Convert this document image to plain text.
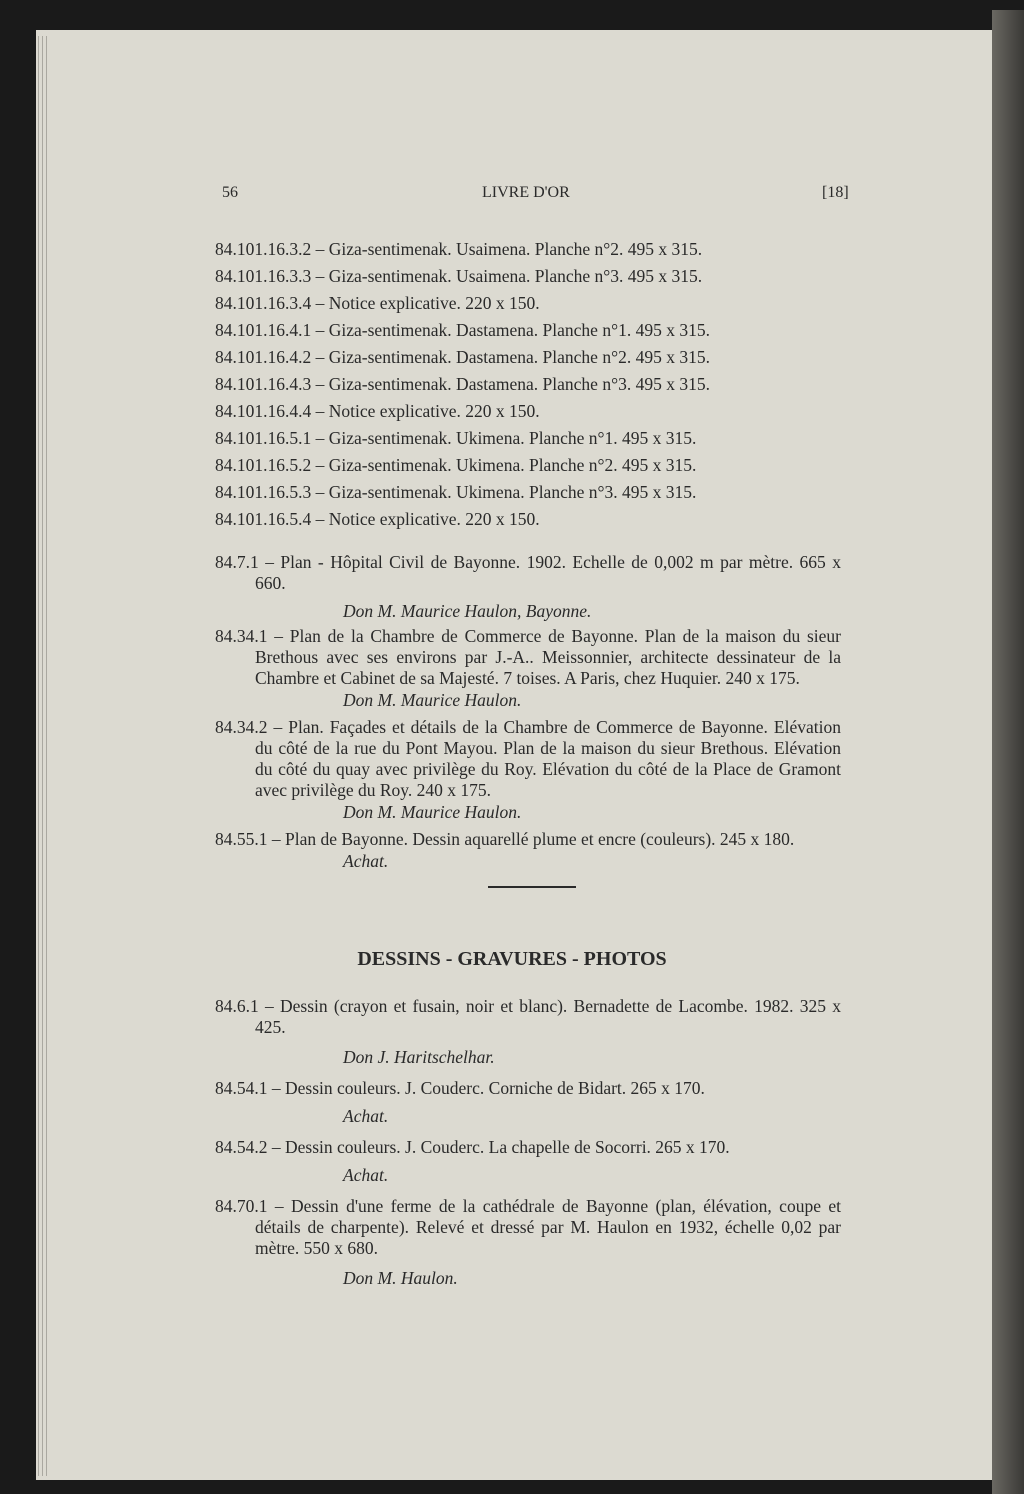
56	LIVRE D'OR	[18]
84.101.16.3.2 – Giza-sentimenak. Usaimena. Planche n°2. 495 x 315.
84.101.16.3.3 – Giza-sentimenak. Usaimena. Planche n°3. 495 x 315.
84.101.16.3.4 – Notice explicative. 220 x 150.
84.101.16.4.1 – Giza-sentimenak. Dastamena. Planche n°1. 495 x 315.
84.101.16.4.2 – Giza-sentimenak. Dastamena. Planche n°2. 495 x 315.
84.101.16.4.3 – Giza-sentimenak. Dastamena. Planche n°3. 495 x 315.
84.101.16.4.4 – Notice explicative. 220 x 150.
84.101.16.5.1 – Giza-sentimenak. Ukimena. Planche n°1. 495 x 315.
84.101.16.5.2 – Giza-sentimenak. Ukimena. Planche n°2. 495 x 315.
84.101.16.5.3 – Giza-sentimenak. Ukimena. Planche n°3. 495 x 315.
84.101.16.5.4 – Notice explicative. 220 x 150.
84.7.1 – Plan - Hôpital Civil de Bayonne. 1902. Echelle de 0,002 m par mètre. 665 x 660.
Don M. Maurice Haulon, Bayonne.
84.34.1 – Plan de la Chambre de Commerce de Bayonne. Plan de la maison du sieur Brethous avec ses environs par J.-A.. Meissonnier, architecte dessinateur de la Chambre et Cabinet de sa Majesté. 7 toises. A Paris, chez Huquier. 240 x 175.
Don M. Maurice Haulon.
84.34.2 – Plan. Façades et détails de la Chambre de Commerce de Bayonne. Elévation du côté de la rue du Pont Mayou. Plan de la maison du sieur Brethous. Elévation du côté du quay avec privilège du Roy. Elévation du côté de la Place de Gramont avec privilège du Roy. 240 x 175.
Don M. Maurice Haulon.
84.55.1 – Plan de Bayonne. Dessin aquarellé plume et encre (couleurs). 245 x 180.
Achat.
DESSINS - GRAVURES - PHOTOS
84.6.1 – Dessin (crayon et fusain, noir et blanc). Bernadette de Lacombe. 1982. 325 x 425.
Don J. Haritschelhar.
84.54.1 – Dessin couleurs. J. Couderc. Corniche de Bidart. 265 x 170.
Achat.
84.54.2 – Dessin couleurs. J. Couderc. La chapelle de Socorri. 265 x 170.
Achat.
84.70.1 – Dessin d'une ferme de la cathédrale de Bayonne (plan, élévation, coupe et détails de charpente). Relevé et dressé par M. Haulon en 1932, échelle 0,02 par mètre. 550 x 680.
Don M. Haulon.
